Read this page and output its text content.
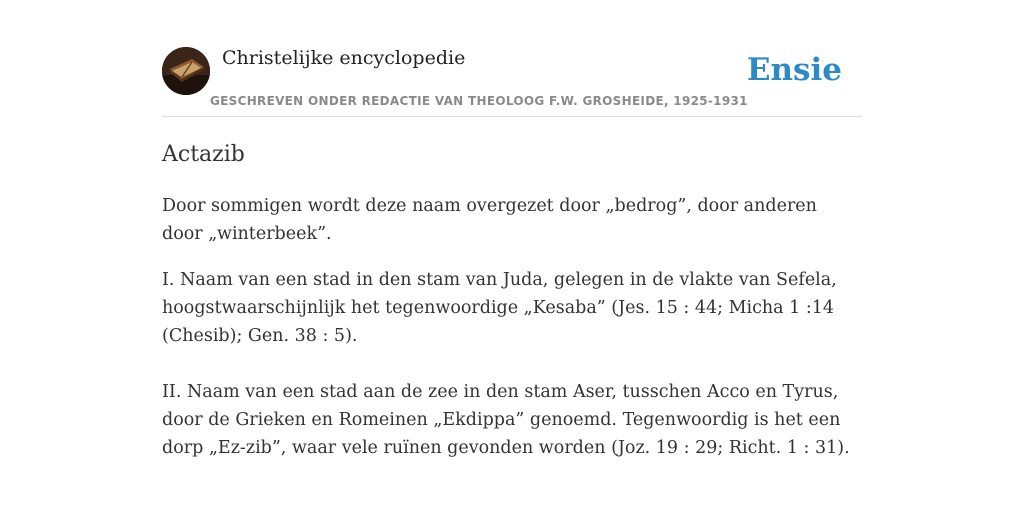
Christelijke encyclopedie
GESCHREVEN ONDER REDACTIE VAN THEOLOOG F.W. GROSHEIDE, 1925-1931
Ensie
Actazib

Door sommigen wordt deze naam overgezet door „bedrog”, door anderen door „winterbeek”.

I. Naam van een stad in den stam van Juda, gelegen in de vlakte van Sefela, hoogstwaarschijnlijk het tegenwoordige „Kesaba” (Jes. 15 : 44; Micha 1 :14 (Chesib); Gen. 38 : 5).

II. Naam van een stad aan de zee in den stam Aser, tusschen Acco en Tyrus, door de Grieken en Romeinen „Ekdippa” genoemd. Tegenwoordig is het een dorp „Ez-zib”, waar vele ruïnen gevonden worden (Joz. 19 : 29; Richt. 1 : 31).
